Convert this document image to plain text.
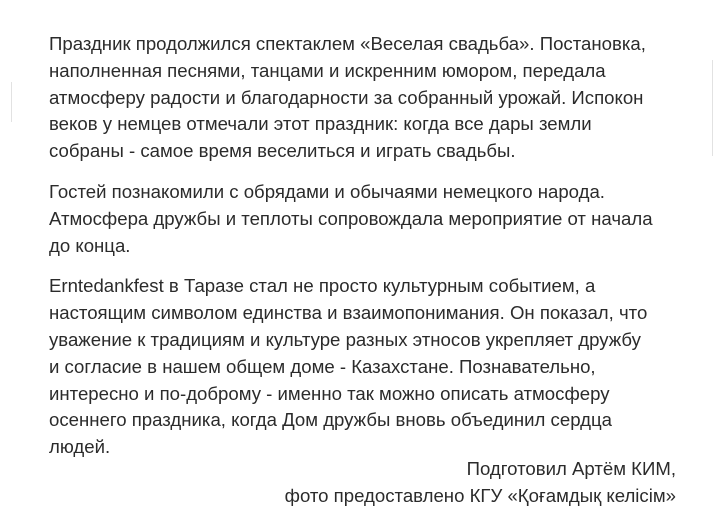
Праздник продолжился спектаклем «Веселая свадьба». Постановка,
наполненная песнями, танцами и искренним юмором, передала
атмосферу радости и благодарности за собранный урожай. Испокон
веков у немцев отмечали этот праздник: когда все дары земли
собраны - самое время веселиться и играть свадьбы.

Гостей познакомили с обрядами и обычаями немецкого народа.
Атмосфера дружбы и теплоты сопровождала мероприятие от начала
до конца.

Erntedankfest в Таразе стал не просто культурным событием, а
настоящим символом единства и взаимопонимания. Он показал, что
уважение к традициям и культуре разных этносов укрепляет дружбу
и согласие в нашем общем доме - Казахстане. Познавательно,
интересно и по-доброму - именно так можно описать атмосферу
осеннего праздника, когда Дом дружбы вновь объединил сердца
людей.

Подготовил Артём КИМ,
фото предоставлено КГУ «Қоғамдық келісім»
